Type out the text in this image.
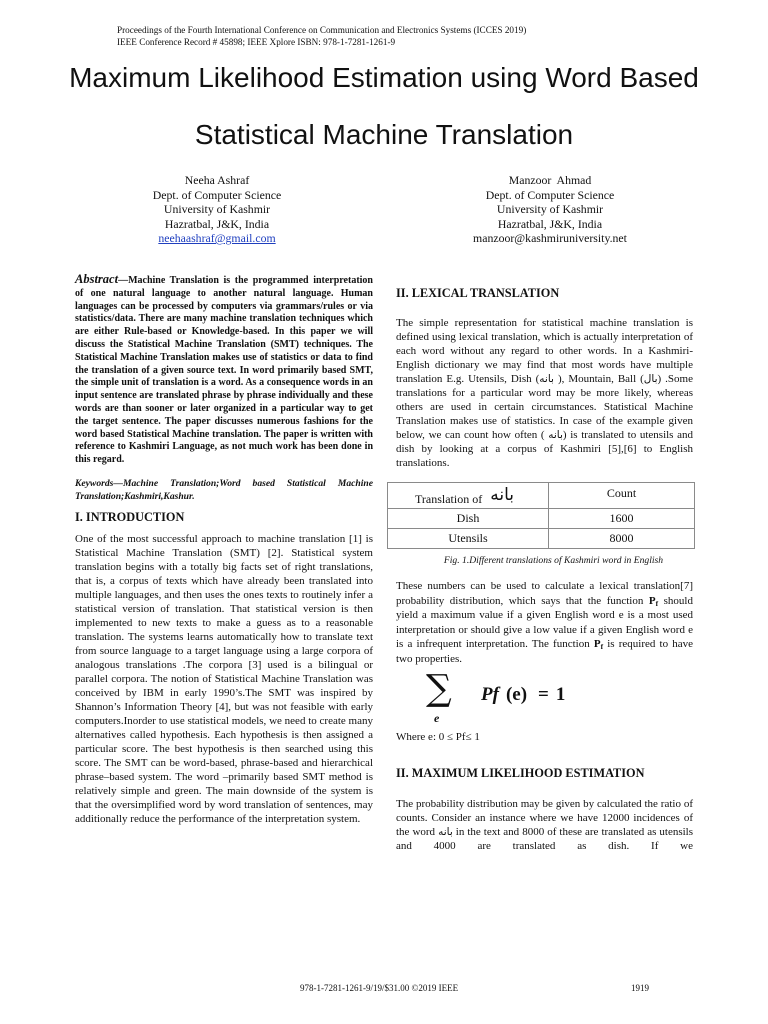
Proceedings of the Fourth International Conference on Communication and Electronics Systems (ICCES 2019)
IEEE Conference Record # 45898; IEEE Xplore ISBN: 978-1-7281-1261-9
Maximum Likelihood Estimation using Word Based
Statistical Machine Translation
Neeha Ashraf
Dept. of Computer Science
University of Kashmir
Hazratbal, J&K, India
neehaashraf@gmail.com
Manzoor  Ahmad
Dept. of Computer Science
University of Kashmir
Hazratbal, J&K, India
manzoor@kashmiruniversity.net

Abstract—Machine Translation is the programmed interpretation of one natural language to another natural language. Human languages can be processed by computers via grammars/rules or via statistics/data. There are many machine translation techniques which are either Rule-based or Knowledge-based. In this paper we will discuss the Statistical Machine Translation (SMT) techniques. The Statistical Machine Translation makes use of statistics or data to find the translation of a given source text. In word primarily based SMT, the simple unit of translation is a word. As a consequence words in an input sentence are translated phrase by phrase individually and these words are than sooner or later organized in a particular way to get the target sentence. The paper discusses numerous fashions for the word based Statistical Machine translation. The paper is written with reference to Kashmiri Language, as not much work has been done in this regard.

Keywords—Machine Translation;Word based Statistical Machine Translation;Kashmiri,Kashur.

I. INTRODUCTION

One of the most successful approach to machine translation [1] is Statistical Machine Translation (SMT) [2]. Statistical system translation begins with a totally big facts set of right translations, that is, a corpus of texts which have already been translated into multiple languages, and then uses the ones texts to routinely infer a statistical version of translation. That statistical version is then implemented to new texts to make a guess as to a reasonable translation. The systems learns automatically how to translate text from source language to a target language using a large corpora of analogous translations .The corpora [3] used is a bilingual or parallel corpora. The notion of Statistical Machine Translation was conceived by IBM in early 1990’s.The SMT was inspired by Shannon’s Information Theory [4], but was not feasible with early computers.Inorder to use statistical models, we need to create many alternatives called hypothesis. Each hypothesis is then assigned a particular score. The best hypothesis is then searched using this score. The SMT can be word-based, phrase-based and hierarchical phrase–based system. The word –primarily based SMT method is relatively simple and green. The main downside of the system is that the oversimplified word by word translation of sentences, may additionally reduce the performance of the interpretation system.

II. LEXICAL TRANSLATION

The simple representation for statistical machine translation is defined using lexical translation, which is actually interpretation of each word without any regard to other words. In a Kashmiri-English dictionary we may find that most words have multiple translation E.g. Utensils, Dish (بانه ), Mountain, Ball (بال) .Some translations for a particular word may be more likely, whereas others are used in certain circumstances. Statistical Machine Translation makes use of statistics. In case of the example given below, we can count how often ( بانه) is translated to utensils and dish by looking at a corpus of Kashmiri [5],[6] to English translations.

Translation of بانه	Count
Dish	1600
Utensils	8000

Fig. 1.Different translations of Kashmiri word in English

These numbers can be used to calculate a lexical translation[7] probability distribution, which says that the function $P_f$ should yield a maximum value if a given English word e is a most used interpretation or should give a low value if a given English word e is a infrequent interpretation. The function $P_f$ is required to have two properties.

∑
e
Pf (e) = 1

Where e: 0 ≤ Pf≤ 1

II. MAXIMUM LIKELIHOOD ESTIMATION

The probability distribution may be given by calculated the ratio of counts. Consider an instance where we have 12000 incidences of the word بانه in the text and 8000 of these are translated as utensils and 4000 are translated as dish. If we

978-1-7281-1261-9/19/$31.00 ©2019 IEEE	1919
